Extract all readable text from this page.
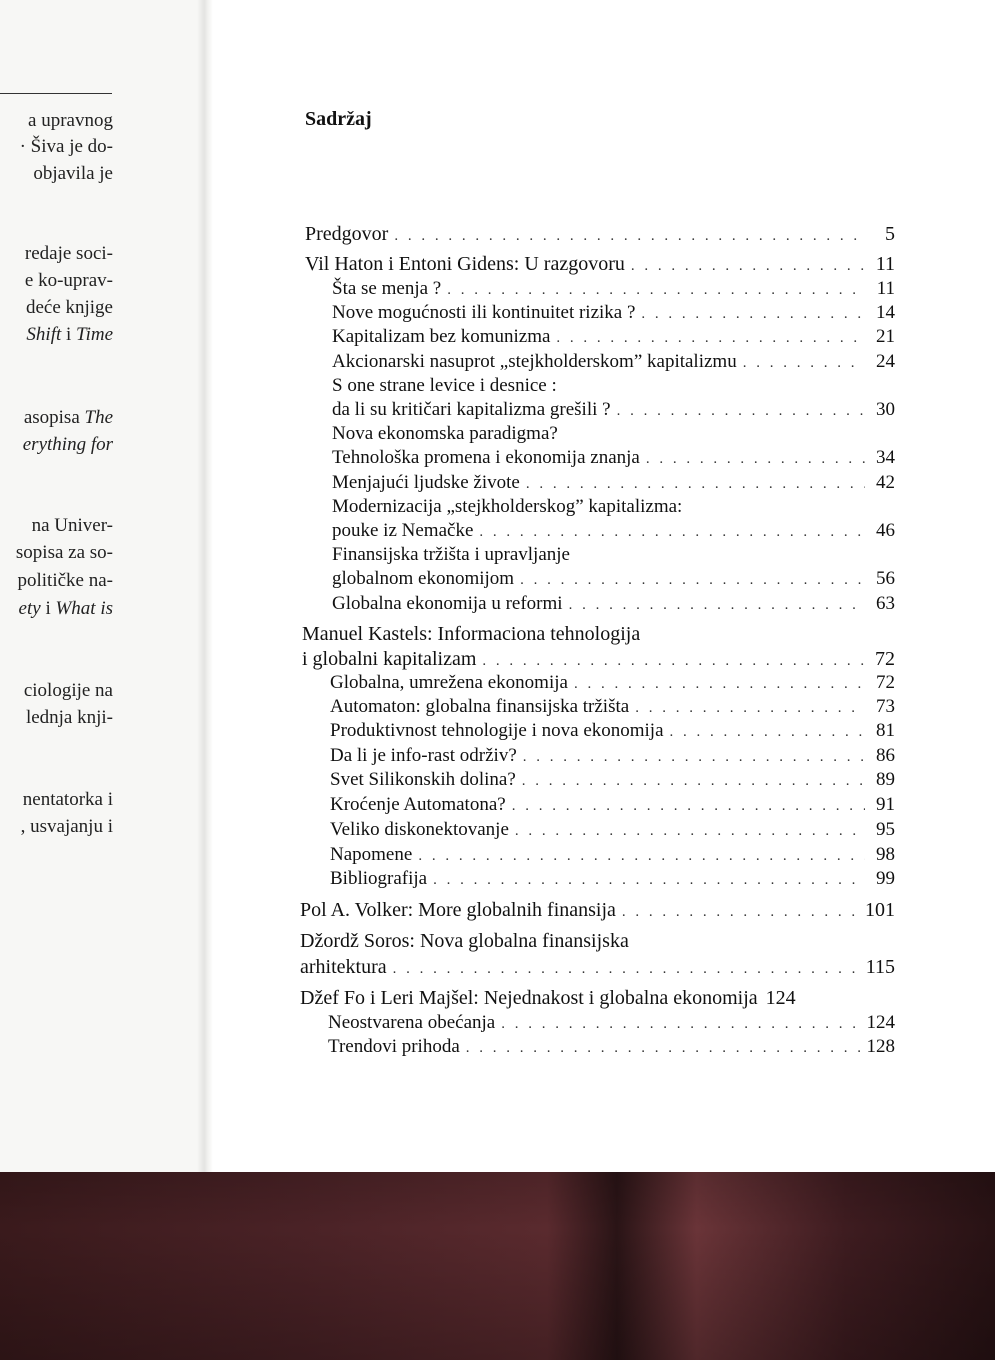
a upravnog
· Šiva je do-
objavila je
redaje soci-
e ko-uprav-
deće knjige
Shift i Time
asopisa The
erything for
na Univer-
sopisa za so-
političke na-
ety i What is
ciologije na
lednja knji-
nentatorka i
, usvajanju i
Sadržaj
Predgovor . . .	5
Vil Haton i Entoni Gidens: U razgovoru . . .	11
Šta se menja ? . . .	11
Nove mogućnosti ili kontinuitet rizika ? . . .	14
Kapitalizam bez komunizma . . .	21
Akcionarski nasuprot „stejkholderskom” kapitalizmu . . .	24
S one strane levice i desnice :
da li su kritičari kapitalizma grešili ? . . .	30
Nova ekonomska paradigma?
Tehnološka promena i ekonomija znanja . . .	34
Menjajući ljudske živote . . .	42
Modernizacija „stejkholderskog” kapitalizma:
pouke iz Nemačke . . .	46
Finansijska tržišta i upravljanje
globalnom ekonomijom . . .	56
Globalna ekonomija u reformi . . .	63
Manuel Kastels: Informaciona tehnologija
i globalni kapitalizam . . .	72
Globalna, umrežena ekonomija . . .	72
Automaton: globalna finansijska tržišta . . .	73
Produktivnost tehnologije i nova ekonomija . . .	81
Da li je info-rast održiv? . . .	86
Svet Silikonskih dolina? . . .	89
Kroćenje Automatona? . . .	91
Veliko diskonektovanje . . .	95
Napomene . . .	98
Bibliografija . . .	99
Pol A. Volker: More globalnih finansija . . .	101
Džordž Soros: Nova globalna finansijska
arhitektura . . .	115
Džef Fo i Leri Majšel: Nejednakost i globalna ekonomija 124
Neostvarena obećanja . . .	124
Trendovi prihoda . . .	128
